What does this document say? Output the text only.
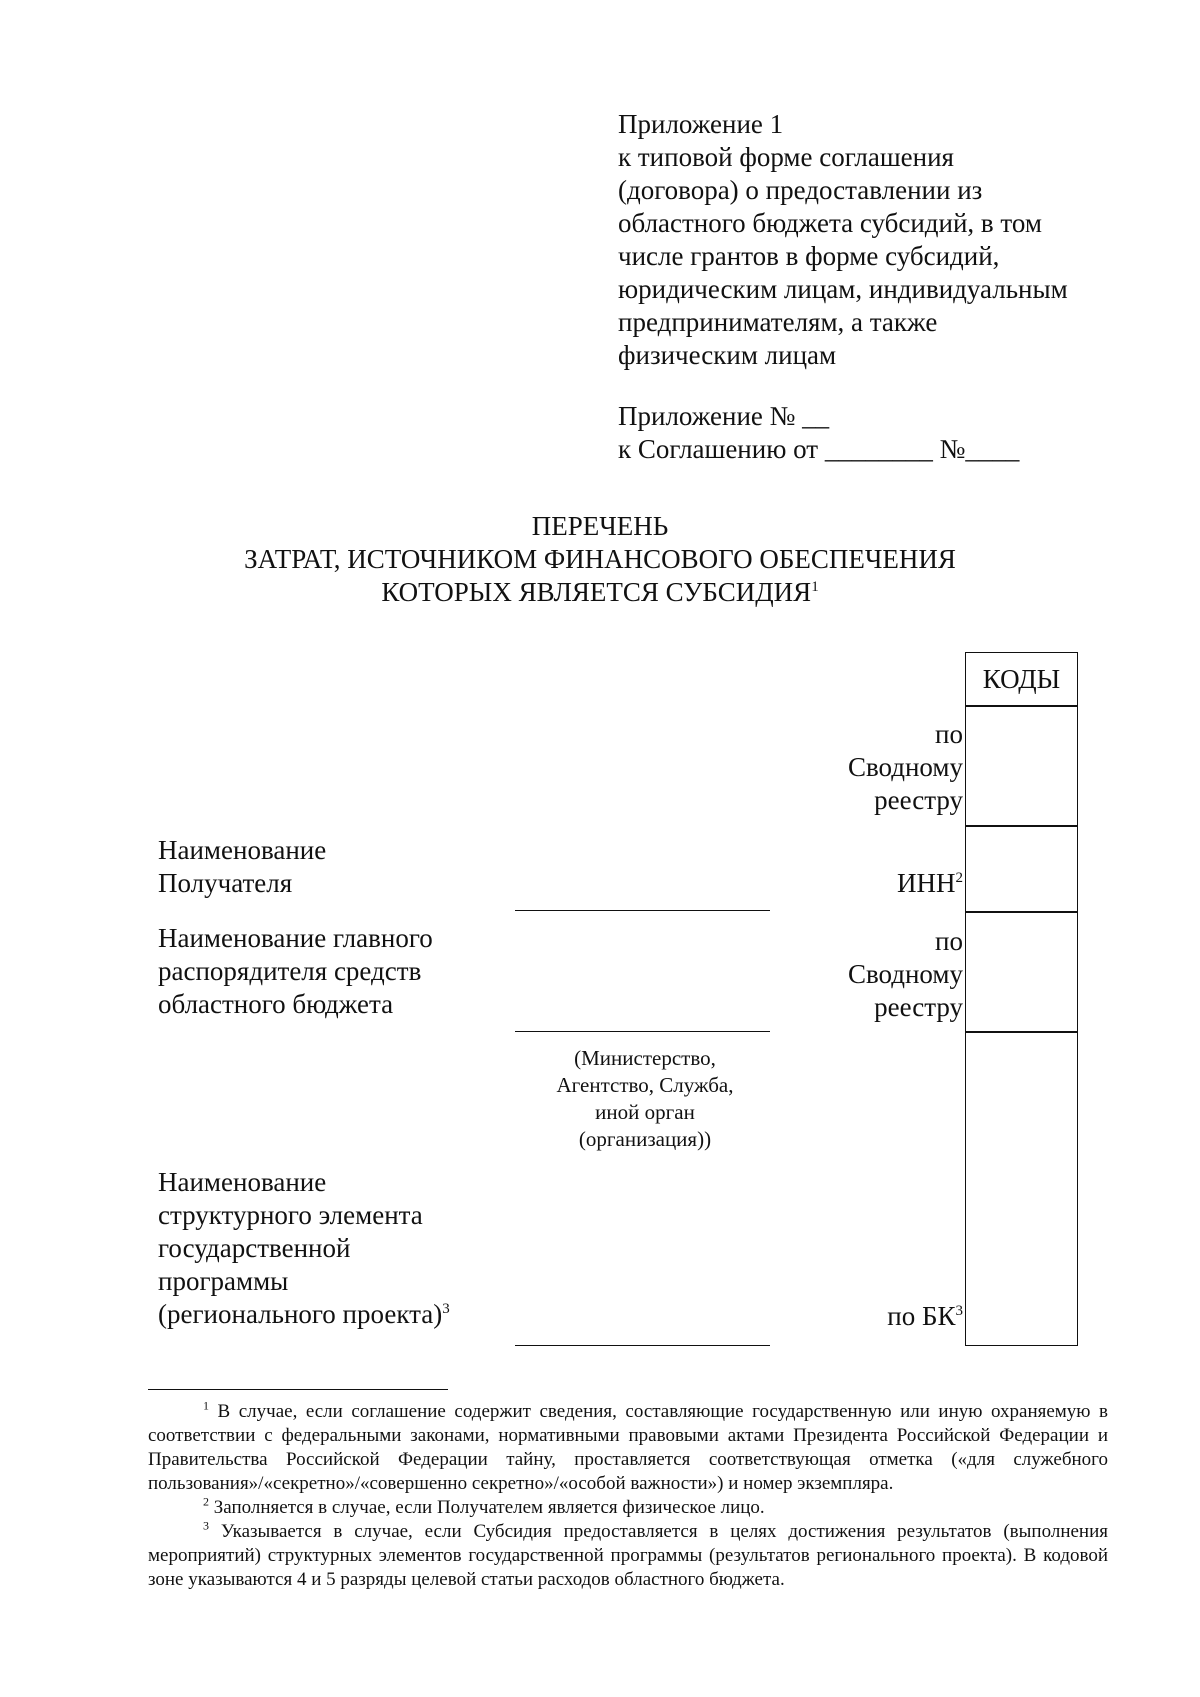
Приложение 1
к типовой форме соглашения
(договора) о предоставлении из
областного бюджета субсидий, в том
числе грантов в форме субсидий,
юридическим лицам, индивидуальным
предпринимателям, а также
физическим лицам
Приложение № __
к Соглашению от ________ №____
ПЕРЕЧЕНЬ
ЗАТРАТ, ИСТОЧНИКОМ ФИНАНСОВОГО ОБЕСПЕЧЕНИЯ
КОТОРЫХ ЯВЛЯЕТСЯ СУБСИДИЯ$^1$
КОДЫ
по
Сводному
реестру
ИНН$^2$
по
Сводному
реестру
по $БК^3$
Наименование
Получателя
Наименование главного
распорядителя средств
областного бюджета
(Министерство,
Агентство, Служба,
иной орган
(организация))
Наименование
структурного элемента
государственной
программы
(регионального проекта)$^3$

$^1$ В случае, если соглашение содержит сведения, составляющие государственную или иную охраняемую в соответствии с федеральными законами, нормативными правовыми актами Президента Российской Федерации и Правительства Российской Федерации тайну, проставляется соответствующая отметка («для служебного пользования»/«секретно»/«совершенно секретно»/«особой важности») и номер экземпляра.

$^2$ Заполняется в случае, если Получателем является физическое лицо.

$^3$ Указывается в случае, если Субсидия предоставляется в целях достижения результатов (выполнения мероприятий) структурных элементов государственной программы (результатов регионального проекта). В кодовой зоне указываются 4 и 5 разряды целевой статьи расходов областного бюджета.
